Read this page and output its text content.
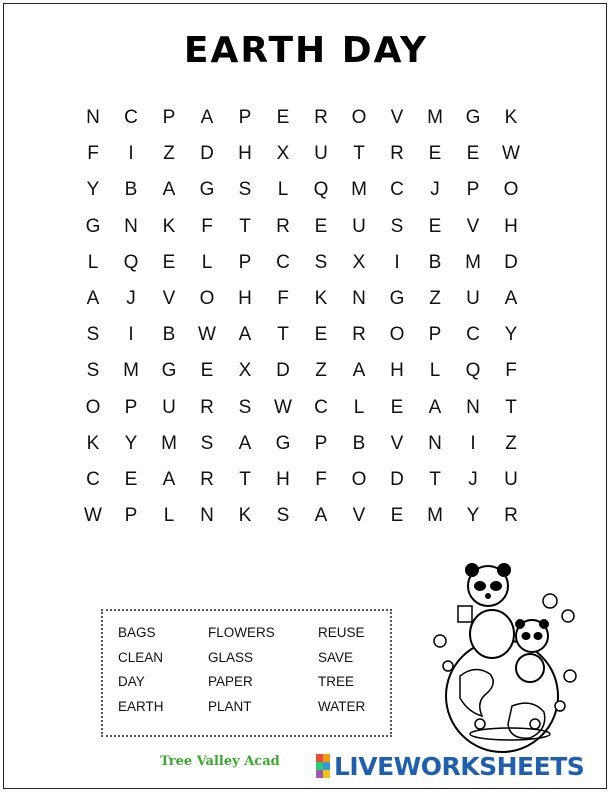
EARTH DAY
N	C	P	A	P	E	R	O	V	M	G	K
F	I	Z	D	H	X	U	T	R	E	E	W
Y	B	A	G	S	L	Q	M	C	J	P	O
G	N	K	F	T	R	E	U	S	E	V	H
L	Q	E	L	P	C	S	X	I	B	M	D
A	J	V	O	H	F	K	N	G	Z	U	A
S	I	B	W	A	T	E	R	O	P	C	Y
S	M	G	E	X	D	Z	A	H	L	Q	F
O	P	U	R	S	W	C	L	E	A	N	T
K	Y	M	S	A	G	P	B	V	N	I	Z
C	E	A	R	T	H	F	O	D	T	J	U
W	P	L	N	K	S	A	V	E	M	Y	R
BAGS	FLOWERS	REUSE
CLEAN	GLASS	SAVE
DAY	PAPER	TREE
EARTH	PLANT	WATER
Tree Valley Acad LIVEWORKSHEETS
